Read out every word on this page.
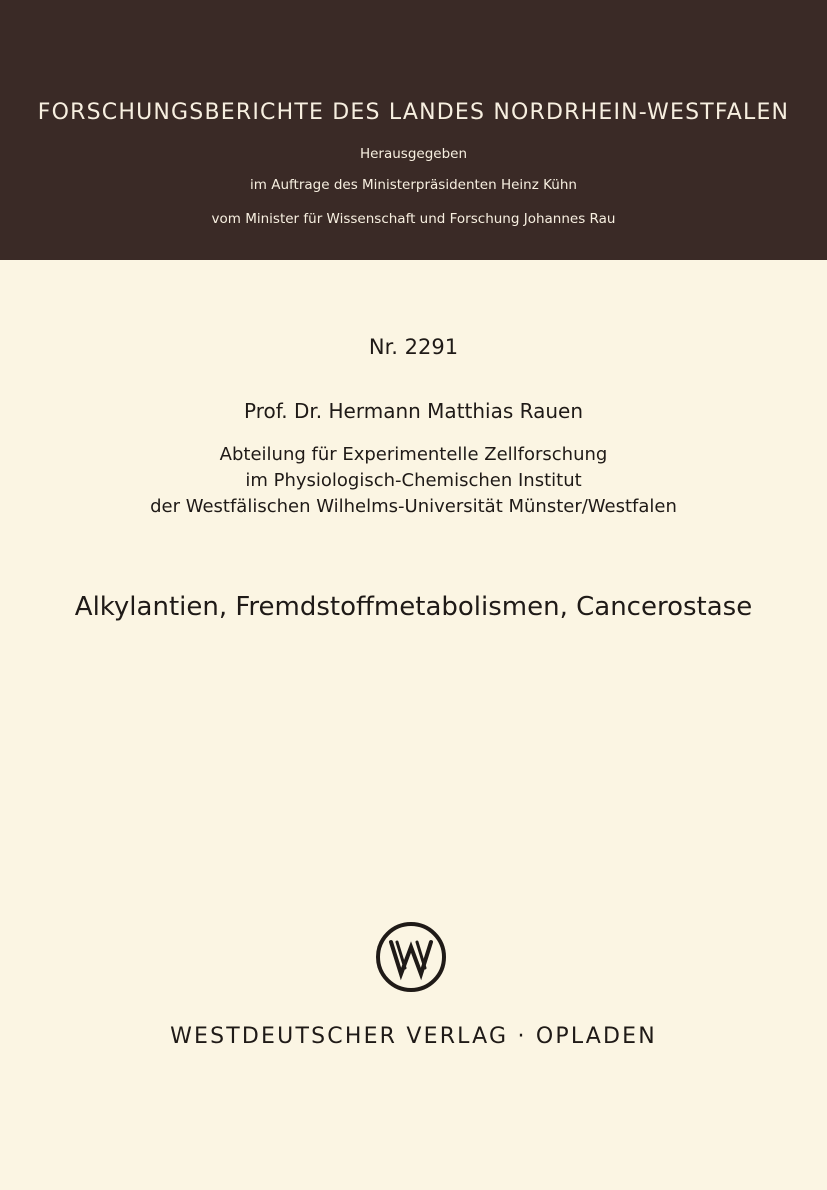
FORSCHUNGSBERICHTE DES LANDES NORDRHEIN-WESTFALEN
Herausgegeben
im Auftrage des Ministerpräsidenten Heinz Kühn
vom Minister für Wissenschaft und Forschung Johannes Rau
Nr. 2291
Prof. Dr. Hermann Matthias Rauen
Abteilung für Experimentelle Zellforschung
im Physiologisch-Chemischen Institut
der Westfälischen Wilhelms-Universität Münster/Westfalen
Alkylantien, Fremdstoffmetabolismen, Cancerostase
WESTDEUTSCHER VERLAG · OPLADEN
